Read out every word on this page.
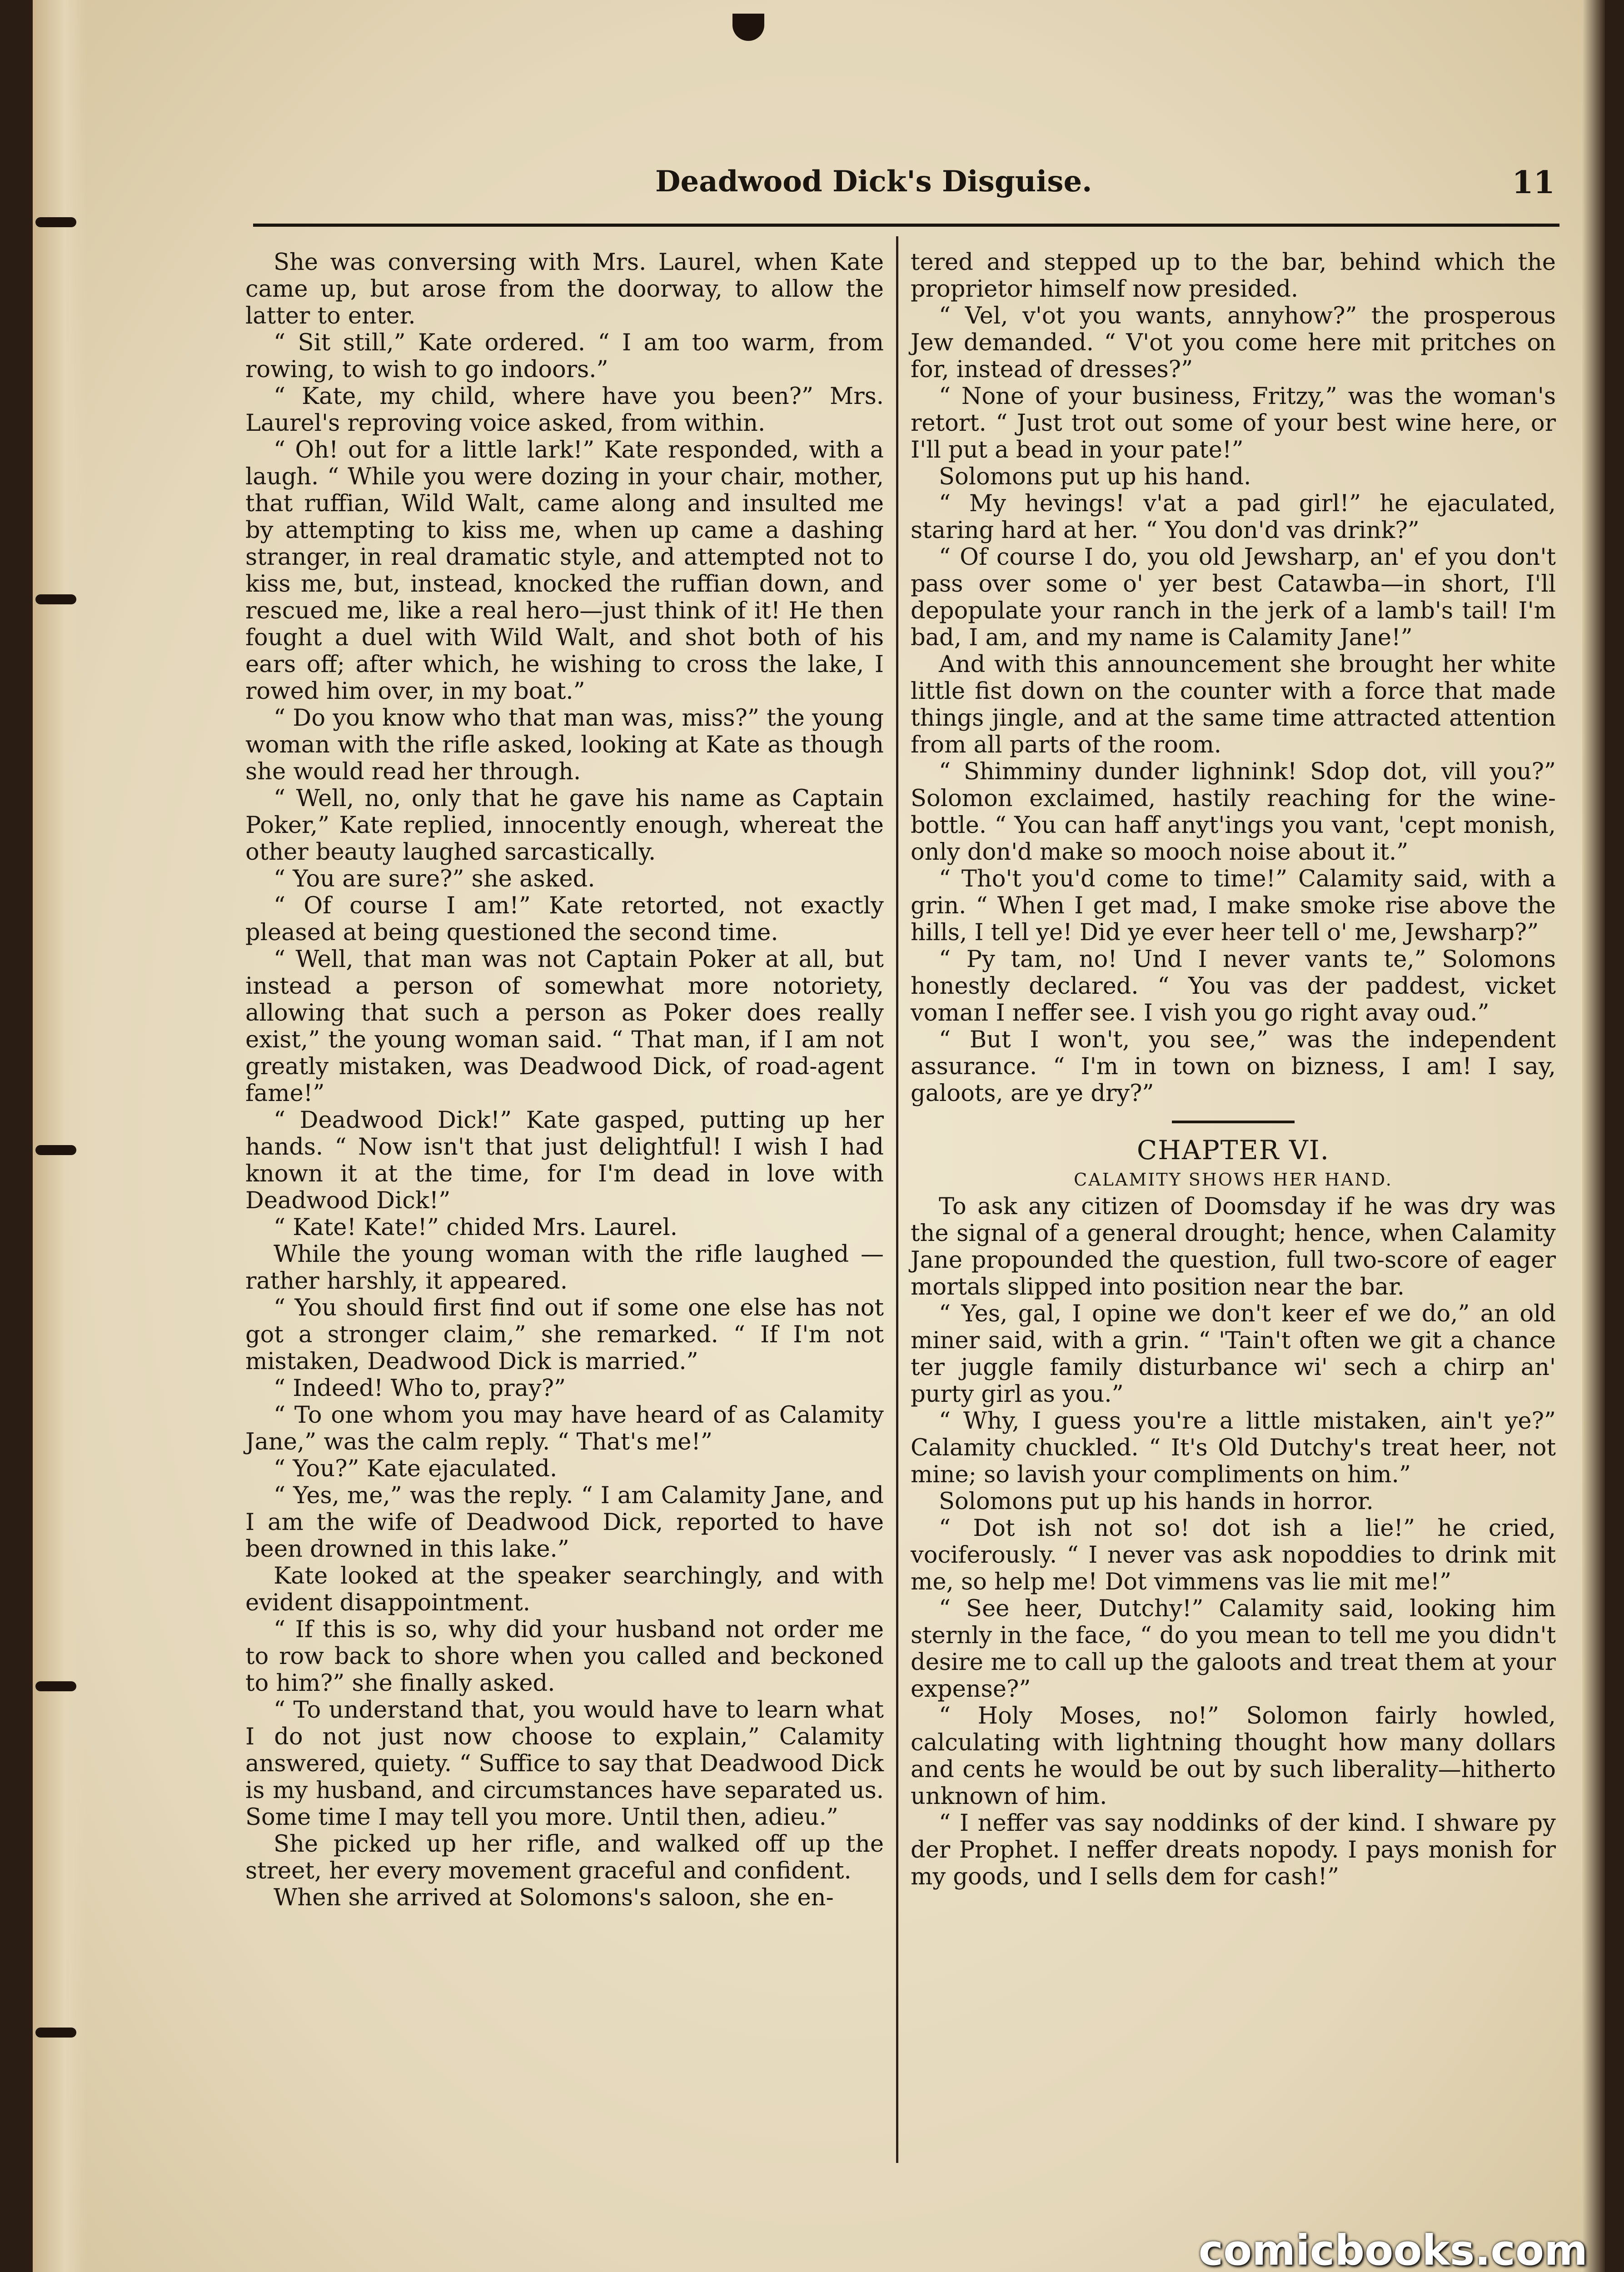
Deadwood Dick's Disguise.	11

She was conversing with Mrs. Laurel, when Kate came up, but arose from the doorway, to allow the latter to enter.

“ Sit still,” Kate ordered. “ I am too warm, from rowing, to wish to go indoors.”

“ Kate, my child, where have you been?” Mrs. Laurel's reproving voice asked, from within.

“ Oh! out for a little lark!” Kate responded, with a laugh. “ While you were dozing in your chair, mother, that ruffian, Wild Walt, came along and insulted me by attempting to kiss me, when up came a dashing stranger, in real dramatic style, and attempted not to kiss me, but, instead, knocked the ruffian down, and rescued me, like a real hero—just think of it! He then fought a duel with Wild Walt, and shot both of his ears off; after which, he wishing to cross the lake, I rowed him over, in my boat.”

“ Do you know who that man was, miss?” the young woman with the rifle asked, looking at Kate as though she would read her through.

“ Well, no, only that he gave his name as Captain Poker,” Kate replied, innocently enough, whereat the other beauty laughed sarcastically.

“ You are sure?” she asked.

“ Of course I am!” Kate retorted, not exactly pleased at being questioned the second time.

“ Well, that man was not Captain Poker at all, but instead a person of somewhat more notoriety, allowing that such a person as Poker does really exist,” the young woman said. “ That man, if I am not greatly mistaken, was Deadwood Dick, of road-agent fame!”

“ Deadwood Dick!” Kate gasped, putting up her hands. “ Now isn't that just delightful! I wish I had known it at the time, for I'm dead in love with Deadwood Dick!”

“ Kate! Kate!” chided Mrs. Laurel.

While the young woman with the rifle laughed —rather harshly, it appeared.

“ You should first find out if some one else has not got a stronger claim,” she remarked. “ If I'm not mistaken, Deadwood Dick is married.”

“ Indeed! Who to, pray?”

“ To one whom you may have heard of as Calamity Jane,” was the calm reply. “ That's me!”

“ You?” Kate ejaculated.

“ Yes, me,” was the reply. “ I am Calamity Jane, and I am the wife of Deadwood Dick, reported to have been drowned in this lake.”

Kate looked at the speaker searchingly, and with evident disappointment.

“ If this is so, why did your husband not order me to row back to shore when you called and beckoned to him?” she finally asked.

“ To understand that, you would have to learn what I do not just now choose to explain,” Calamity answered, quiety. “ Suffice to say that Deadwood Dick is my husband, and circumstances have separated us. Some time I may tell you more. Until then, adieu.”

She picked up her rifle, and walked off up the street, her every movement graceful and confident.

When she arrived at Solomons's saloon, she en-

tered and stepped up to the bar, behind which the proprietor himself now presided.

“ Vel, v'ot you wants, annyhow?” the prosperous Jew demanded. “ V'ot you come here mit pritches on for, instead of dresses?”

“ None of your business, Fritzy,” was the woman's retort. “ Just trot out some of your best wine here, or I'll put a bead in your pate!”

Solomons put up his hand.

“ My hevings! v'at a pad girl!” he ejaculated, staring hard at her. “ You don'd vas drink?”

“ Of course I do, you old Jewsharp, an' ef you don't pass over some o' yer best Catawba—in short, I'll depopulate your ranch in the jerk of a lamb's tail! I'm bad, I am, and my name is Calamity Jane!”

And with this announcement she brought her white little fist down on the counter with a force that made things jingle, and at the same time attracted attention from all parts of the room.

“ Shimminy dunder lighnink! Sdop dot, vill you?” Solomon exclaimed, hastily reaching for the wine-bottle. “ You can haff anyt'ings you vant, 'cept monish, only don'd make so mooch noise about it.”

“ Tho't you'd come to time!” Calamity said, with a grin. “ When I get mad, I make smoke rise above the hills, I tell ye! Did ye ever heer tell o' me, Jewsharp?”

“ Py tam, no! Und I never vants te,” Solomons honestly declared. “ You vas der paddest, vicket voman I neffer see. I vish you go right avay oud.”

“ But I won't, you see,” was the independent assurance. “ I'm in town on bizness, I am! I say, galoots, are ye dry?”

CHAPTER VI.

CALAMITY SHOWS HER HAND.

To ask any citizen of Doomsday if he was dry was the signal of a general drought; hence, when Calamity Jane propounded the question, full two-score of eager mortals slipped into position near the bar.

“ Yes, gal, I opine we don't keer ef we do,” an old miner said, with a grin. “ 'Tain't often we git a chance ter juggle family disturbance wi' sech a chirp an' purty girl as you.”

“ Why, I guess you're a little mistaken, ain't ye?” Calamity chuckled. “ It's Old Dutchy's treat heer, not mine; so lavish your compliments on him.”

Solomons put up his hands in horror.

“ Dot ish not so! dot ish a lie!” he cried, vociferously. “ I never vas ask nopoddies to drink mit me, so help me! Dot vimmens vas lie mit me!”

“ See heer, Dutchy!” Calamity said, looking him sternly in the face, “ do you mean to tell me you didn't desire me to call up the galoots and treat them at your expense?”

“ Holy Moses, no!” Solomon fairly howled, calculating with lightning thought how many dollars and cents he would be out by such liberality—hitherto unknown of him.

“ I neffer vas say noddinks of der kind. I shware py der Prophet. I neffer dreats nopody. I pays monish for my goods, und I sells dem for cash!”

comicbooks.com
